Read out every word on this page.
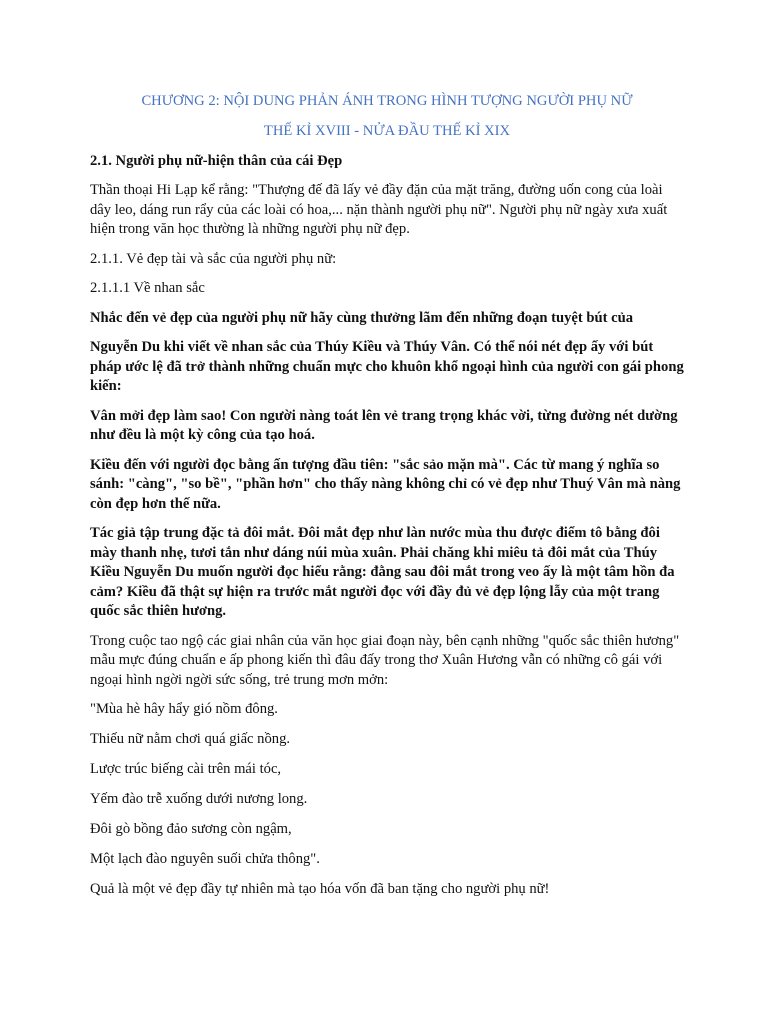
CHƯƠNG 2: NỘI DUNG PHẢN ÁNH TRONG HÌNH TƯỢNG NGƯỜI PHỤ NỮ
THẾ KỈ XVIII - NỬA ĐẦU THẾ KỈ XIX
2.1. Người phụ nữ-hiện thân của cái Đẹp

Thần thoại Hi Lạp kể rằng: "Thượng đế đã lấy vẻ đầy đặn của mặt trăng, đường uốn cong của loài dây leo, dáng run rẩy của các loài có hoa,... nặn thành người phụ nữ". Người phụ nữ ngày xưa xuất hiện trong văn học thường là những người phụ nữ đẹp.

2.1.1. Vẻ đẹp tài và sắc của người phụ nữ:

2.1.1.1 Về nhan sắc

Nhắc đến vẻ đẹp của người phụ nữ hãy cùng thưởng lãm đến những đoạn tuyệt bút của

Nguyễn Du khi viết về nhan sắc của Thúy Kiều và Thúy Vân. Có thể nói nét đẹp ấy với bút pháp ước lệ đã trở thành những chuẩn mực cho khuôn khổ ngoại hình của người con gái phong kiến:

Vân mởi đẹp làm sao! Con người nàng toát lên vẻ trang trọng khác vời, từng đường nét dường như đều là một kỳ công của tạo hoá.

Kiều đến với người đọc bằng ấn tượng đầu tiên: "sắc sảo mặn mà". Các từ mang ý nghĩa so sánh: "càng", "so bề", "phần hơn" cho thấy nàng không chỉ có vẻ đẹp như Thuý Vân mà nàng còn đẹp hơn thế nữa.

Tác giả tập trung đặc tả đôi mắt. Đôi mắt đẹp như làn nước mùa thu được điểm tô bằng đôi mày thanh nhẹ, tươi tắn như dáng núi mùa xuân. Phải chăng khi miêu tả đôi mắt của Thúy Kiều Nguyễn Du muốn người đọc hiểu rằng: đằng sau đôi mắt trong veo ấy là một tâm hồn đa cảm? Kiều đã thật sự hiện ra trước mắt người đọc với đầy đủ vẻ đẹp lộng lẫy của một trang quốc sắc thiên hương.

Trong cuộc tao ngộ các giai nhân của văn học giai đoạn này, bên cạnh những "quốc sắc thiên hương" mẫu mực đúng chuẩn e ấp phong kiến thì đâu đấy trong thơ Xuân Hương vẫn có những cô gái với ngoại hình ngời ngời sức sống, trẻ trung mơn mởn:

"Mùa hè hây hẩy gió nồm đông.

Thiếu nữ nằm chơi quá giấc nồng.

Lược trúc biếng cài trên mái tóc,

Yếm đào trễ xuống dưới nương long.

Đôi gò bồng đảo sương còn ngậm,

Một lạch đào nguyên suối chửa thông".

Quả là một vẻ đẹp đầy tự nhiên mà tạo hóa vốn đã ban tặng cho người phụ nữ!
